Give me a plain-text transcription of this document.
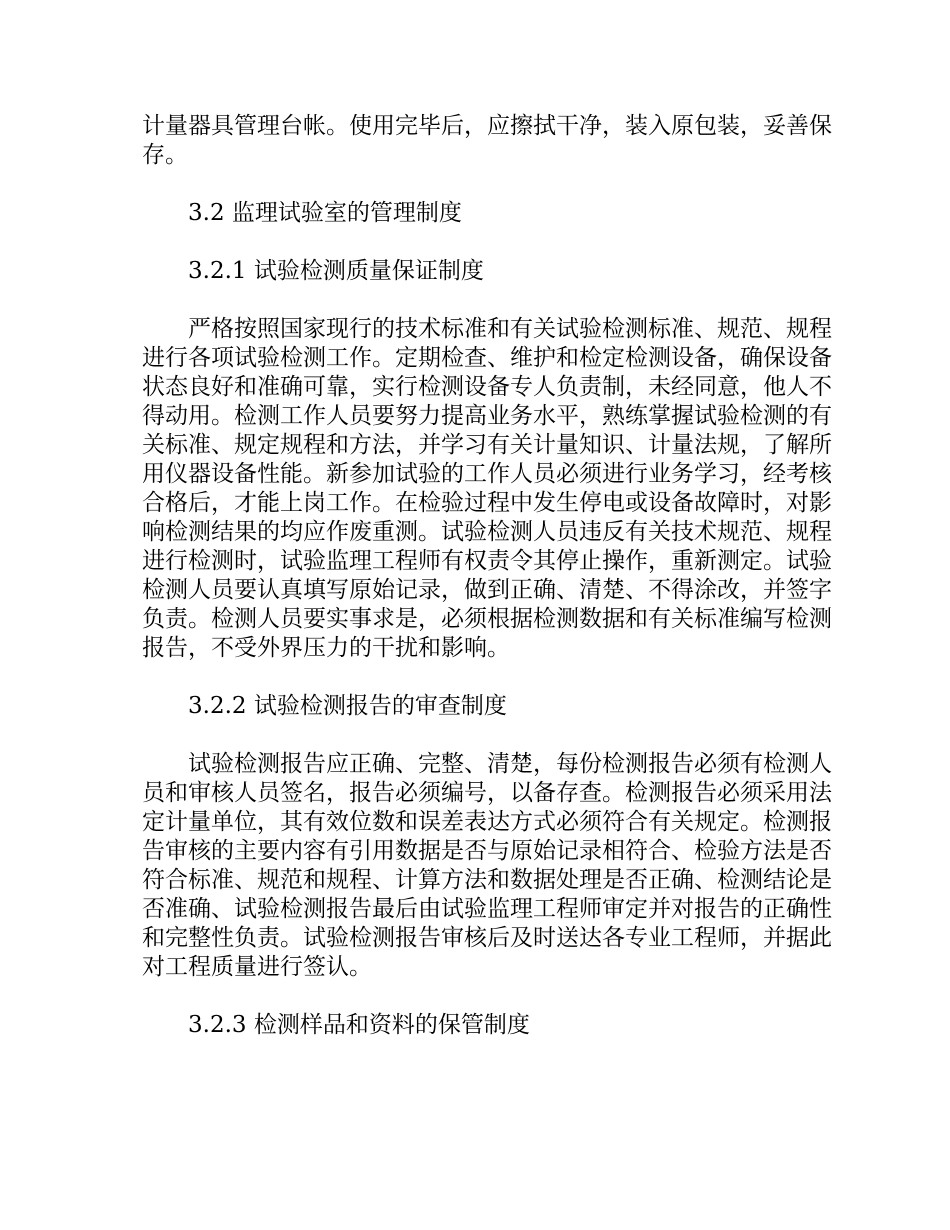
计量器具管理台帐。使用完毕后，应擦拭干净，装入原包装，妥善保存。

3.2 监理试验室的管理制度

3.2.1 试验检测质量保证制度

严格按照国家现行的技术标准和有关试验检测标准、规范、规程进行各项试验检测工作。定期检查、维护和检定检测设备，确保设备状态良好和准确可靠，实行检测设备专人负责制，未经同意，他人不得动用。检测工作人员要努力提高业务水平，熟练掌握试验检测的有关标准、规定规程和方法，并学习有关计量知识、计量法规，了解所用仪器设备性能。新参加试验的工作人员必须进行业务学习，经考核合格后，才能上岗工作。在检验过程中发生停电或设备故障时，对影响检测结果的均应作废重测。试验检测人员违反有关技术规范、规程进行检测时，试验监理工程师有权责令其停止操作，重新测定。试验检测人员要认真填写原始记录，做到正确、清楚、不得涂改，并签字负责。检测人员要实事求是，必须根据检测数据和有关标准编写检测报告，不受外界压力的干扰和影响。

3.2.2 试验检测报告的审查制度

试验检测报告应正确、完整、清楚，每份检测报告必须有检测人员和审核人员签名，报告必须编号，以备存查。检测报告必须采用法定计量单位，其有效位数和误差表达方式必须符合有关规定。检测报告审核的主要内容有引用数据是否与原始记录相符合、检验方法是否符合标准、规范和规程、计算方法和数据处理是否正确、检测结论是否准确、试验检测报告最后由试验监理工程师审定并对报告的正确性和完整性负责。试验检测报告审核后及时送达各专业工程师，并据此对工程质量进行签认。

3.2.3 检测样品和资料的保管制度
